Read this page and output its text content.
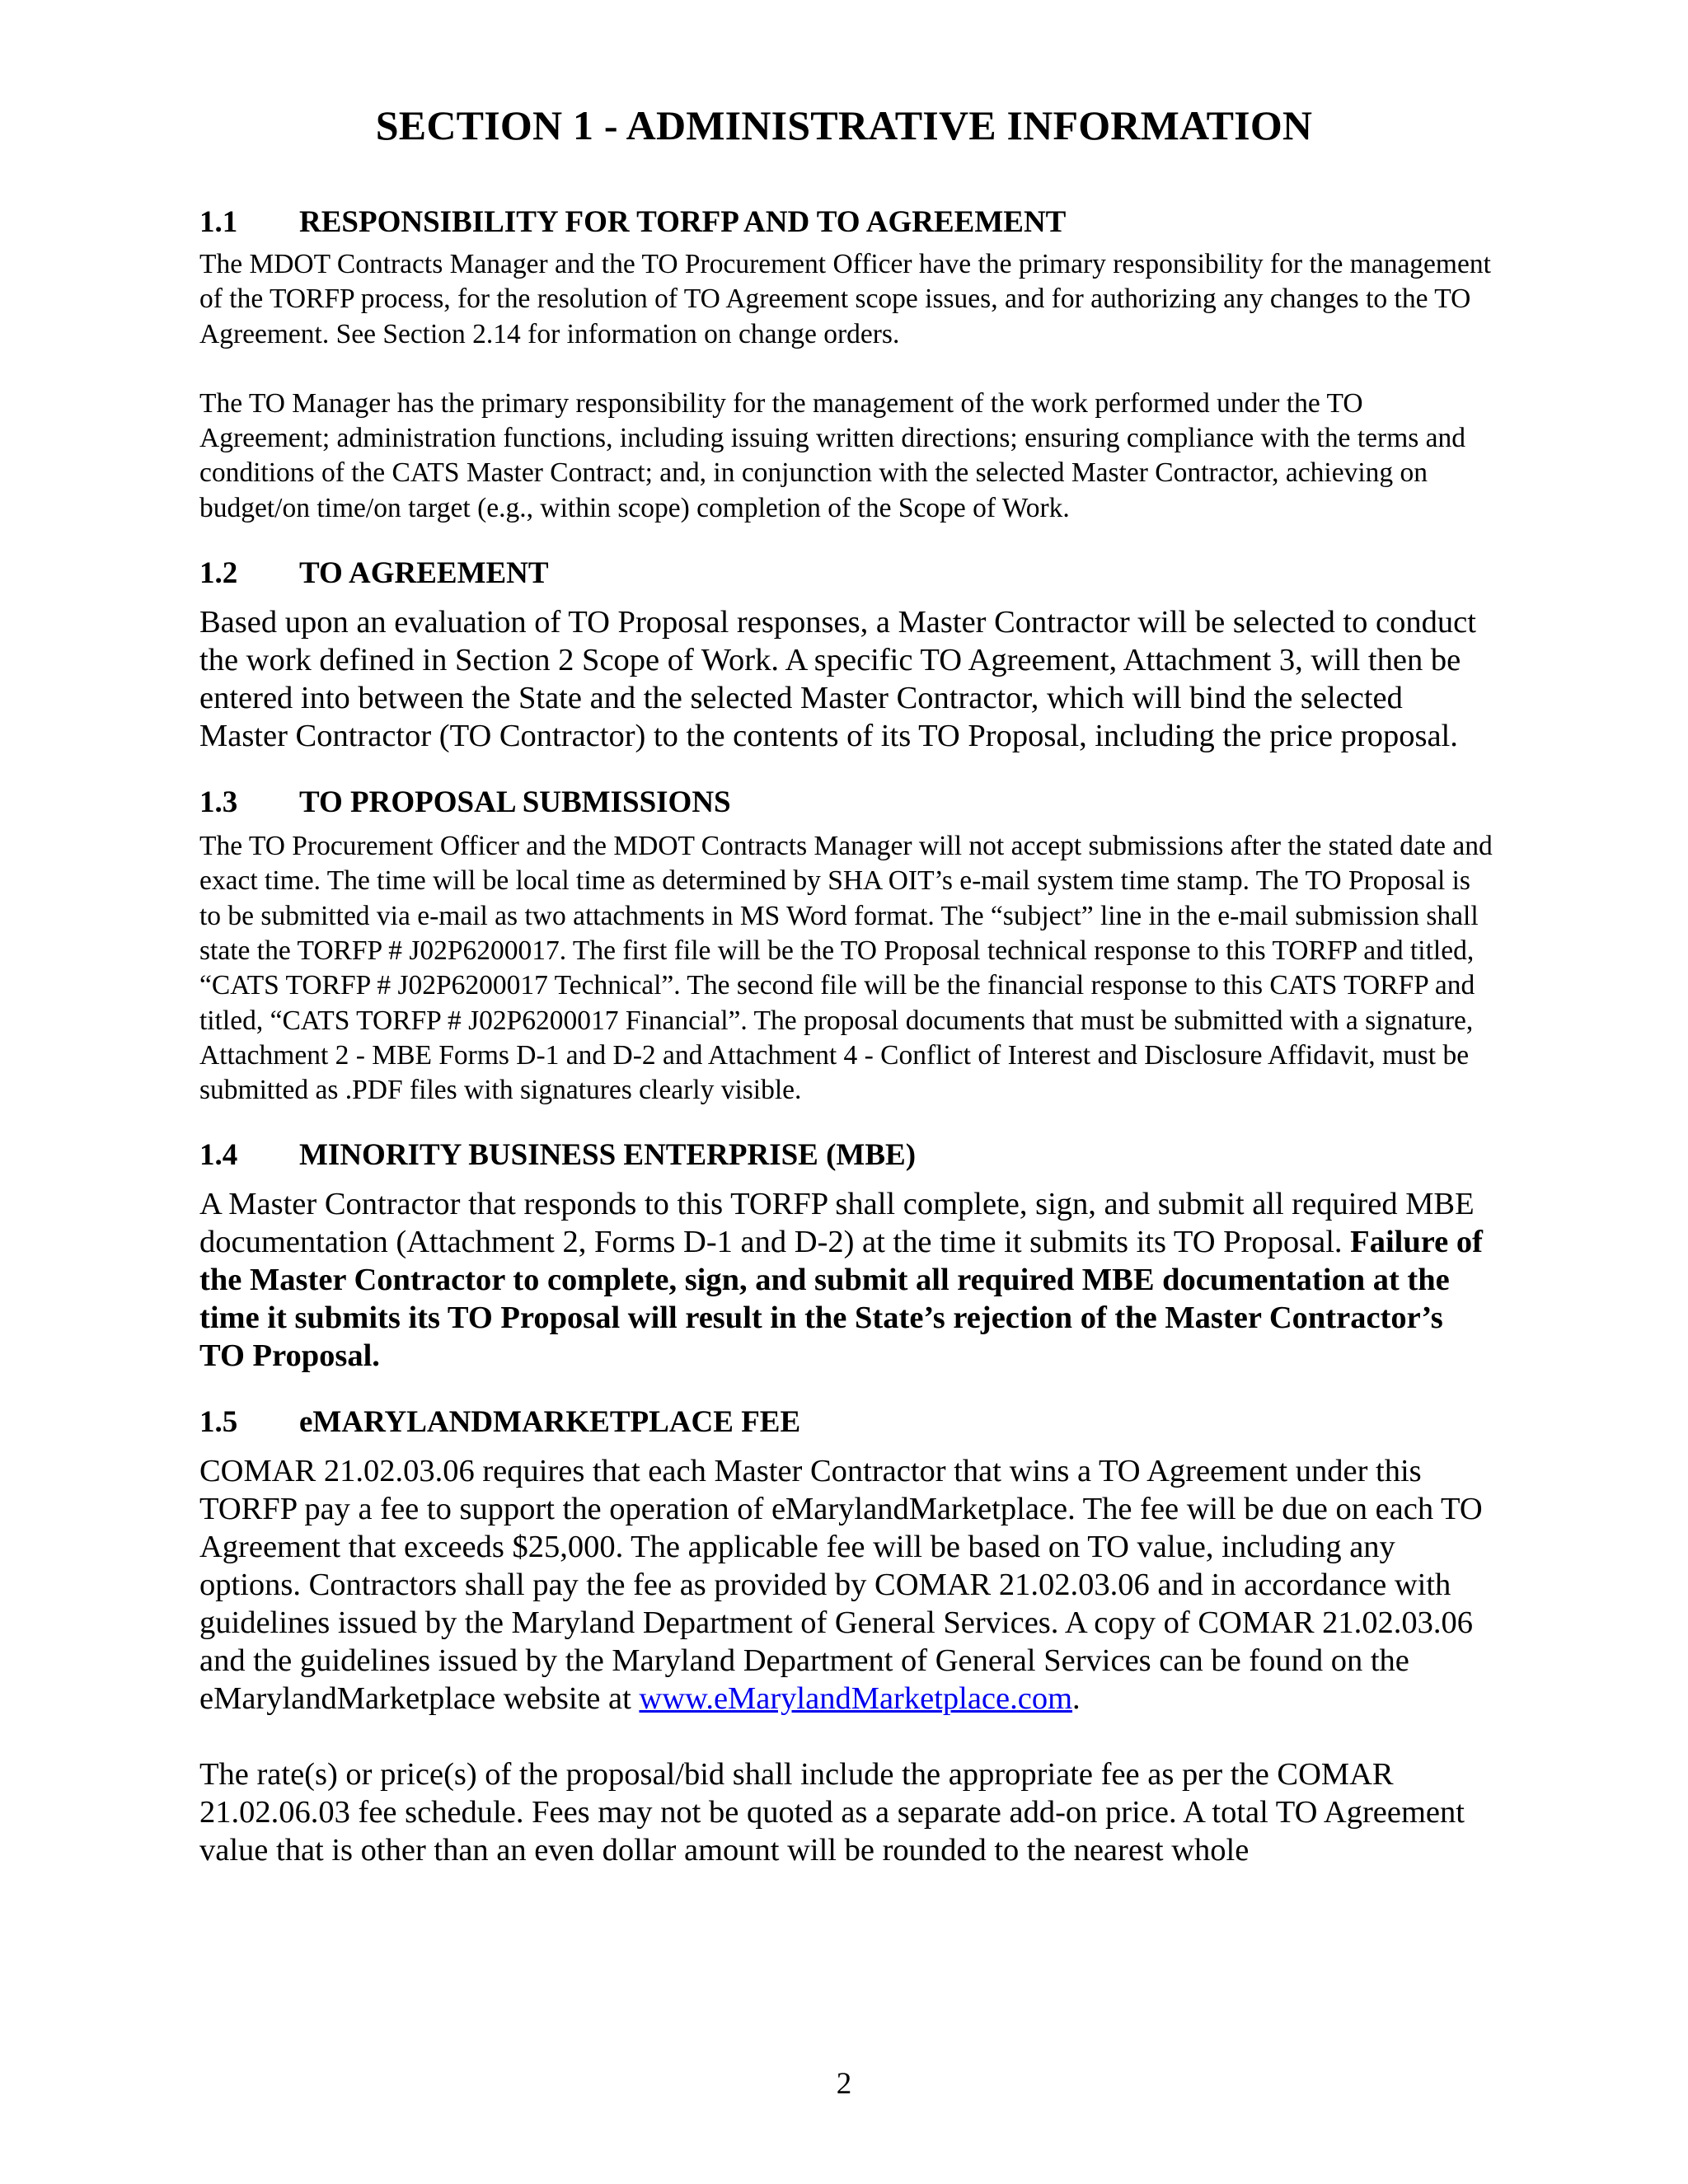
SECTION 1 - ADMINISTRATIVE INFORMATION
1.1	RESPONSIBILITY FOR TORFP AND TO AGREEMENT

The MDOT Contracts Manager and the TO Procurement Officer have the primary responsibility for the management of the TORFP process, for the resolution of TO Agreement scope issues, and for authorizing any changes to the TO Agreement. See Section 2.14 for information on change orders.

The TO Manager has the primary responsibility for the management of the work performed under the TO Agreement; administration functions, including issuing written directions; ensuring compliance with the terms and conditions of the CATS Master Contract; and, in conjunction with the selected Master Contractor, achieving on budget/on time/on target (e.g., within scope) completion of the Scope of Work.

1.2	TO AGREEMENT

Based upon an evaluation of TO Proposal responses, a Master Contractor will be selected to conduct the work defined in Section 2 Scope of Work. A specific TO Agreement, Attachment 3, will then be entered into between the State and the selected Master Contractor, which will bind the selected Master Contractor (TO Contractor) to the contents of its TO Proposal, including the price proposal.

1.3	TO PROPOSAL SUBMISSIONS

The TO Procurement Officer and the MDOT Contracts Manager will not accept submissions after the stated date and exact time. The time will be local time as determined by SHA OIT’s e-mail system time stamp. The TO Proposal is to be submitted via e-mail as two attachments in MS Word format. The “subject” line in the e-mail submission shall state the TORFP # J02P6200017. The first file will be the TO Proposal technical response to this TORFP and titled, “CATS TORFP # J02P6200017 Technical”. The second file will be the financial response to this CATS TORFP and titled, “CATS TORFP # J02P6200017 Financial”. The proposal documents that must be submitted with a signature, Attachment 2 - MBE Forms D-1 and D-2 and Attachment 4 - Conflict of Interest and Disclosure Affidavit, must be submitted as .PDF files with signatures clearly visible.

1.4	MINORITY BUSINESS ENTERPRISE (MBE)

A Master Contractor that responds to this TORFP shall complete, sign, and submit all required MBE documentation (Attachment 2, Forms D-1 and D-2) at the time it submits its TO Proposal. Failure of the Master Contractor to complete, sign, and submit all required MBE documentation at the time it submits its TO Proposal will result in the State’s rejection of the Master Contractor’s TO Proposal.

1.5	eMARYLANDMARKETPLACE FEE

COMAR 21.02.03.06 requires that each Master Contractor that wins a TO Agreement under this TORFP pay a fee to support the operation of eMarylandMarketplace. The fee will be due on each TO Agreement that exceeds $25,000. The applicable fee will be based on TO value, including any options. Contractors shall pay the fee as provided by COMAR 21.02.03.06 and in accordance with guidelines issued by the Maryland Department of General Services. A copy of COMAR 21.02.03.06 and the guidelines issued by the Maryland Department of General Services can be found on the eMarylandMarketplace website at www.eMarylandMarketplace.com.

The rate(s) or price(s) of the proposal/bid shall include the appropriate fee as per the COMAR 21.02.06.03 fee schedule. Fees may not be quoted as a separate add-on price. A total TO Agreement value that is other than an even dollar amount will be rounded to the nearest whole

2
